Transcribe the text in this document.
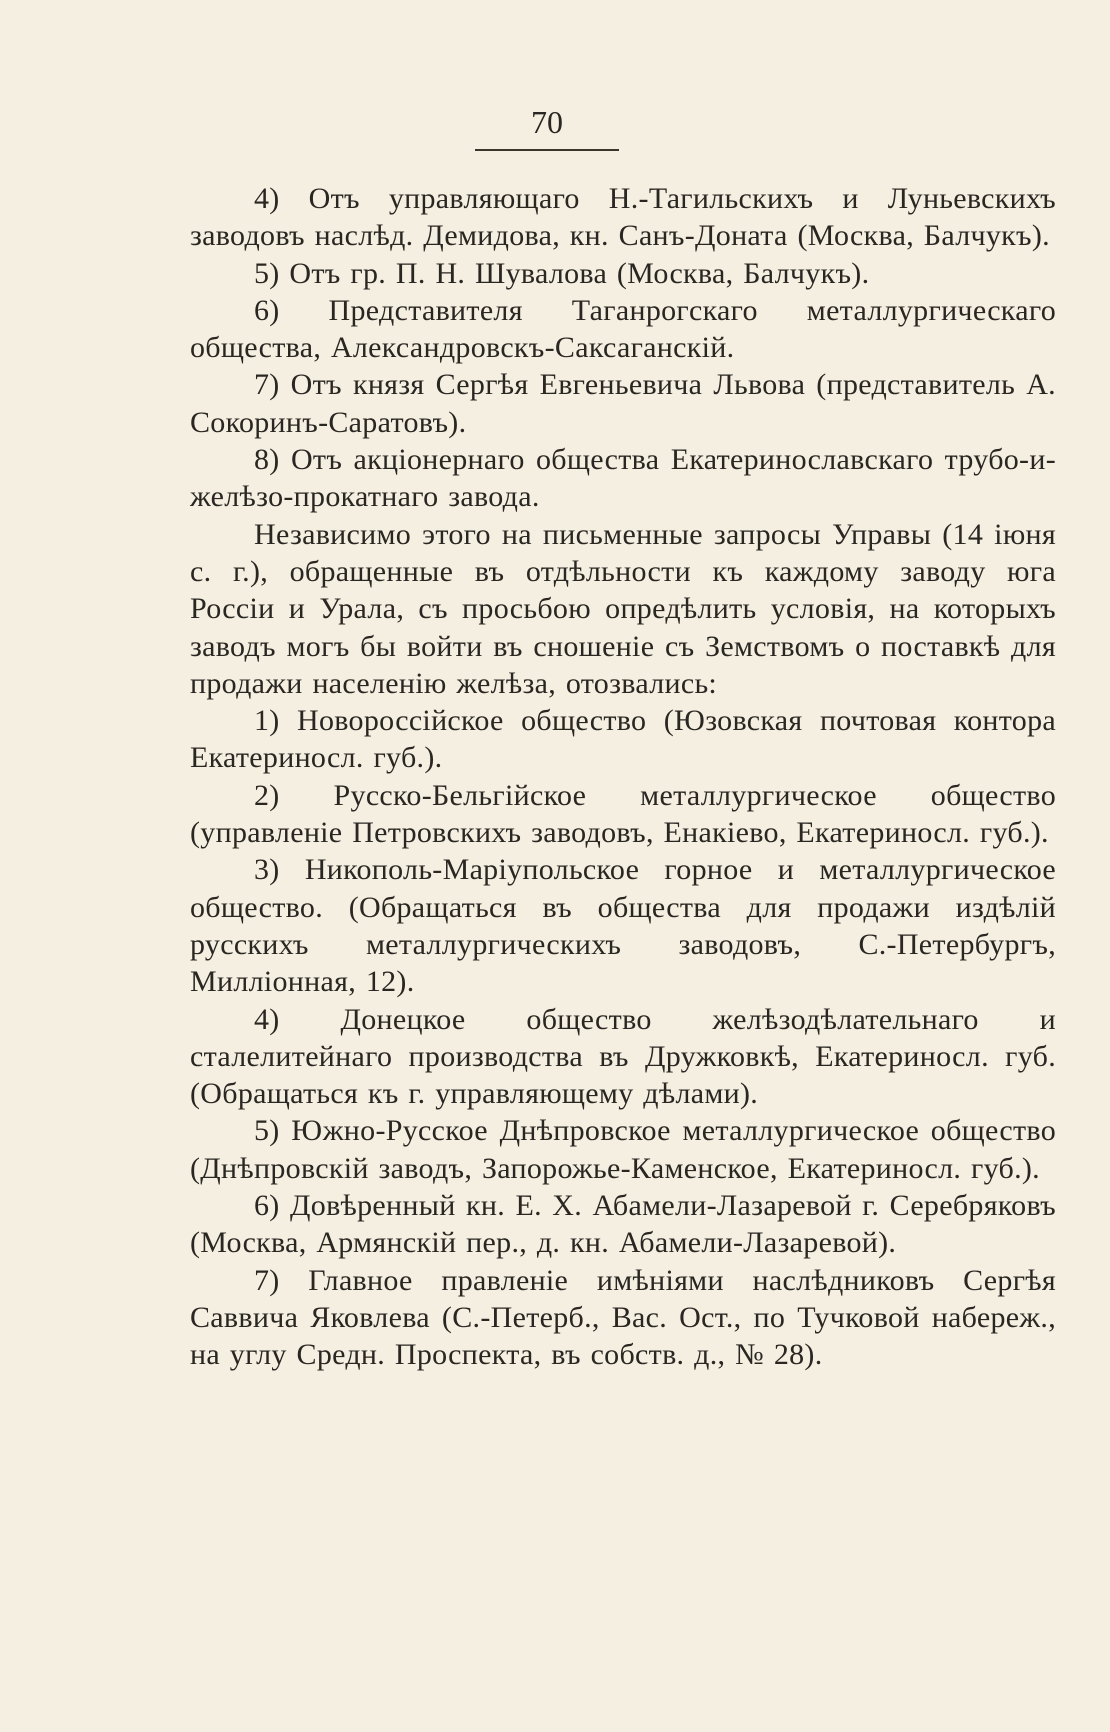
70

4) Отъ управляющаго Н.-Тагильскихъ и Луньевскихъ заводовъ наслѣд. Демидова, кн. Санъ-Доната (Москва, Балчукъ).

5) Отъ гр. П. Н. Шувалова (Москва, Балчукъ).

6) Представителя Таганрогскаго металлургическаго общества, Александровскъ-Саксаганскій.

7) Отъ князя Сергѣя Евгеньевича Львова (представитель А. Сокоринъ-Саратовъ).

8) Отъ акціонернаго общества Екатеринославскаго трубо-и-желѣзо-прокатнаго завода.

Независимо этого на письменные запросы Управы (14 іюня с. г.), обращенные въ отдѣльности къ каждому заводу юга Россіи и Урала, съ просьбою опредѣлить условія, на которыхъ заводъ могъ бы войти въ сношеніе съ Земствомъ о поставкѣ для продажи населенію желѣза, отозвались:

1) Новороссійское общество (Юзовская почтовая контора Екатериносл. губ.).

2) Русско-Бельгійское металлургическое общество (управленіе Петровскихъ заводовъ, Енакіево, Екатериносл. губ.).

3) Никополь-Маріупольское горное и металлургическое общество. (Обращаться въ общества для продажи издѣлій русскихъ металлургическихъ заводовъ, С.-Петербургъ, Милліонная, 12).

4) Донецкое общество желѣзодѣлательнаго и сталелитейнаго производства въ Дружковкѣ, Екатериносл. губ. (Обращаться къ г. управляющему дѣлами).

5) Южно-Русское Днѣпровское металлургическое общество (Днѣпровскій заводъ, Запорожье-Каменское, Екатериносл. губ.).

6) Довѣренный кн. Е. Х. Абамели-Лазаревой г. Серебряковъ (Москва, Армянскій пер., д. кн. Абамели-Лазаревой).

7) Главное правленіе имѣніями наслѣдниковъ Сергѣя Саввича Яковлева (С.-Петерб., Вас. Ост., по Тучковой набереж., на углу Средн. Проспекта, въ собств. д., № 28).
